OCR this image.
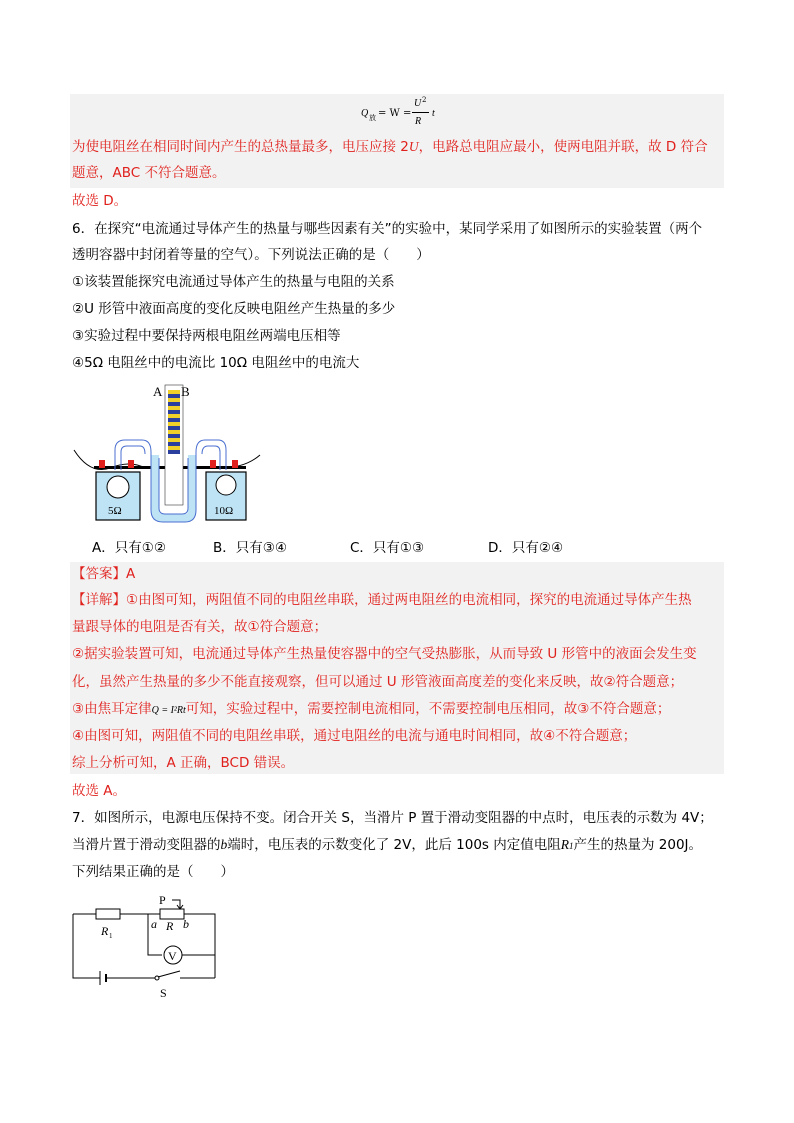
Q 放 = W =
U 2
R
t
为使电阻丝在相同时间内产生的总热量最多，电压应接 2U，电路总电阻应最小，使两电阻并联，故 D 符合
题意，ABC 不符合题意。
故选 D。
6．在探究“电流通过导体产生的热量与哪些因素有关”的实验中，某同学采用了如图所示的实验装置（两个
透明容器中封闭着等量的空气）。下列说法正确的是（　　）
①该装置能探究电流通过导体产生的热量与电阻的关系
②U 形管中液面高度的变化反映电阻丝产生热量的多少
③实验过程中要保持两根电阻丝两端电压相等
④5Ω 电阻丝中的电流比 10Ω 电阻丝中的电流大
A B
5Ω	10Ω
A．只有①②	B．只有③④	C．只有①③	D．只有②④
【答案】A
【详解】①由图可知，两阻值不同的电阻丝串联，通过两电阻丝的电流相同，探究的电流通过导体产生热
量跟导体的电阻是否有关，故①符合题意；
②据实验装置可知，电流通过导体产生热量使容器中的空气受热膨胀，从而导致 U 形管中的液面会发生变
化，虽然产生热量的多少不能直接观察，但可以通过 U 形管液面高度差的变化来反映，故②符合题意；
③由焦耳定律Q = I²Rt可知，实验过程中，需要控制电流相同，不需要控制电压相同，故③不符合题意；
④由图可知，两阻值不同的电阻丝串联，通过电阻丝的电流与通电时间相同，故④不符合题意；
综上分析可知，A 正确，BCD 错误。
故选 A。
7．如图所示，电源电压保持不变。闭合开关 S，当滑片 P 置于滑动变阻器的中点时，电压表的示数为 4V；
当滑片置于滑动变阻器的b端时，电压表的示数变化了 2V，此后 100s 内定值电阻R1产生的热量为 200J。
下列结果正确的是（　　）
P
a R b
R 1
V
S
